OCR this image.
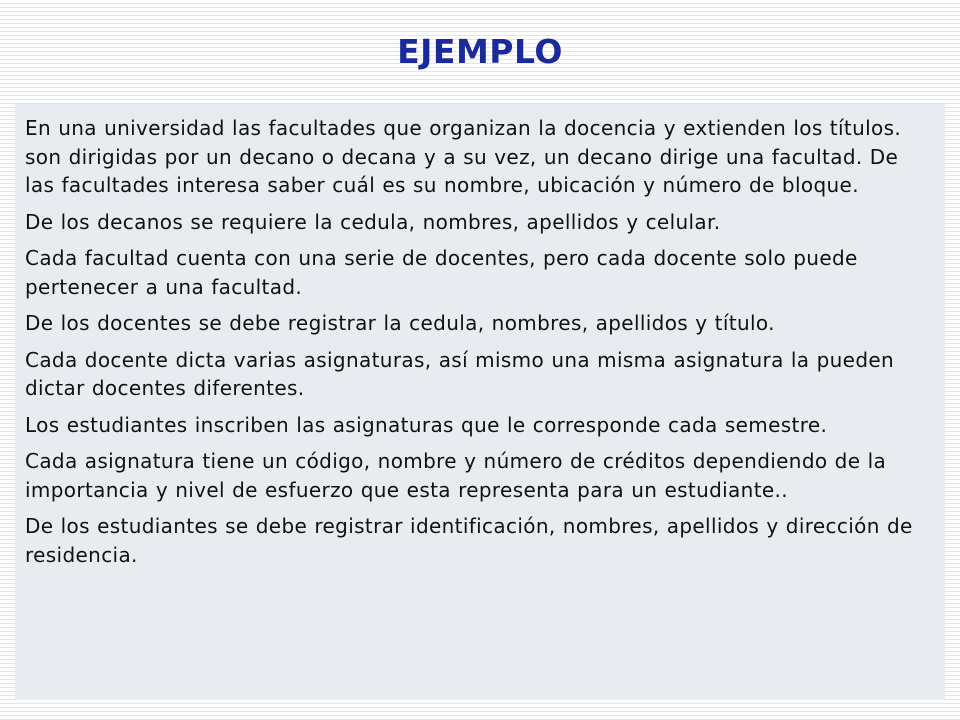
EJEMPLO

En una universidad las facultades que organizan la docencia y extienden los títulos. son dirigidas por un decano o decana y a su vez, un decano dirige una facultad. De las facultades interesa saber cuál es su nombre, ubicación y número de bloque.

De los decanos se requiere la cedula, nombres, apellidos y celular.

Cada facultad cuenta con una serie de docentes, pero cada docente solo puede pertenecer a una facultad.

De los docentes se debe registrar la cedula, nombres, apellidos y título.

Cada docente dicta varias asignaturas, así mismo una misma asignatura la pueden dictar docentes diferentes.

Los estudiantes inscriben las asignaturas que le corresponde cada semestre.

Cada asignatura tiene un código, nombre y número de créditos dependiendo de la importancia y nivel de esfuerzo que esta representa para un estudiante..

De los estudiantes se debe registrar identificación, nombres, apellidos y dirección de residencia.
